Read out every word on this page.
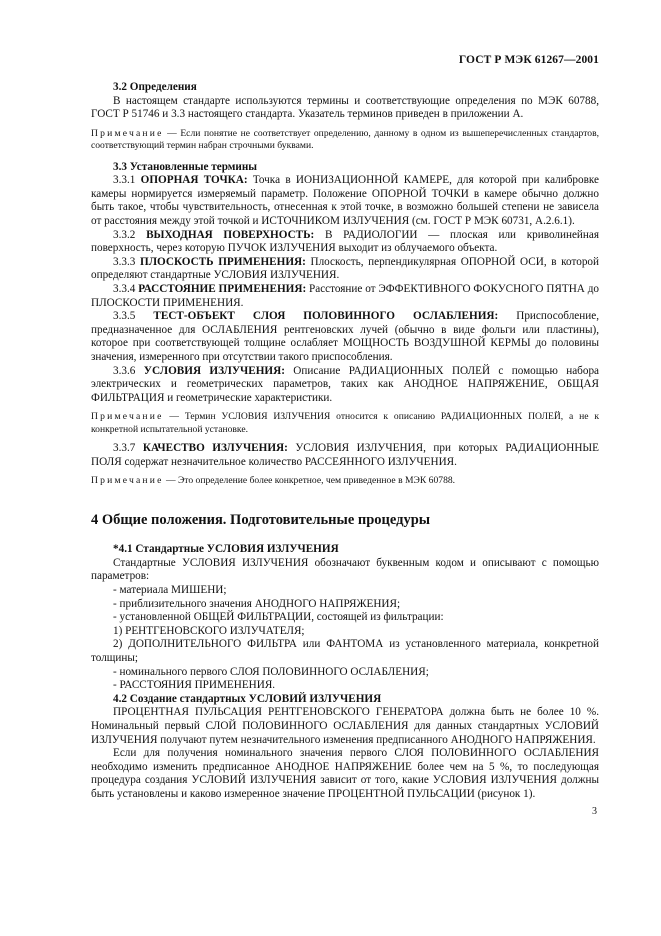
ГОСТ Р МЭК 61267—2001

3.2 Определения

В настоящем стандарте используются термины и соответствующие определения по МЭК 60788, ГОСТ Р 51746 и 3.3 настоящего стандарта. Указатель терминов приведен в приложении А.

Примечание — Если понятие не соответствует определению, данному в одном из вышеперечисленных стандартов, соответствующий термин набран строчными буквами.

3.3 Установленные термины

3.3.1 ОПОРНАЯ ТОЧКА: Точка в ИОНИЗАЦИОННОЙ КАМЕРЕ, для которой при калибровке камеры нормируется измеряемый параметр. Положение ОПОРНОЙ ТОЧКИ в камере обычно должно быть такое, чтобы чувствительность, отнесенная к этой точке, в возможно большей степени не зависела от расстояния между этой точкой и ИСТОЧНИКОМ ИЗЛУЧЕНИЯ (см. ГОСТ Р МЭК 60731, А.2.6.1).

3.3.2 ВЫХОДНАЯ ПОВЕРХНОСТЬ: В РАДИОЛОГИИ — плоская или криволинейная поверхность, через которую ПУЧОК ИЗЛУЧЕНИЯ выходит из облучаемого объекта.

3.3.3 ПЛОСКОСТЬ ПРИМЕНЕНИЯ: Плоскость, перпендикулярная ОПОРНОЙ ОСИ, в которой определяют стандартные УСЛОВИЯ ИЗЛУЧЕНИЯ.

3.3.4 РАССТОЯНИЕ ПРИМЕНЕНИЯ: Расстояние от ЭФФЕКТИВНОГО ФОКУСНОГО ПЯТНА до ПЛОСКОСТИ ПРИМЕНЕНИЯ.

3.3.5 ТЕСТ-ОБЪЕКТ СЛОЯ ПОЛОВИННОГО ОСЛАБЛЕНИЯ: Приспособление, предназначенное для ОСЛАБЛЕНИЯ рентгеновских лучей (обычно в виде фольги или пластины), которое при соответствующей толщине ослабляет МОЩНОСТЬ ВОЗДУШНОЙ КЕРМЫ до половины значения, измеренного при отсутствии такого приспособления.

3.3.6 УСЛОВИЯ ИЗЛУЧЕНИЯ: Описание РАДИАЦИОННЫХ ПОЛЕЙ с помощью набора электрических и геометрических параметров, таких как АНОДНОЕ НАПРЯЖЕНИЕ, ОБЩАЯ ФИЛЬТРАЦИЯ и геометрические характеристики.

Примечание — Термин УСЛОВИЯ ИЗЛУЧЕНИЯ относится к описанию РАДИАЦИОННЫХ ПОЛЕЙ, а не к конкретной испытательной установке.

3.3.7 КАЧЕСТВО ИЗЛУЧЕНИЯ: УСЛОВИЯ ИЗЛУЧЕНИЯ, при которых РАДИАЦИОННЫЕ ПОЛЯ содержат незначительное количество РАССЕЯННОГО ИЗЛУЧЕНИЯ.

Примечание — Это определение более конкретное, чем приведенное в МЭК 60788.

4 Общие положения. Подготовительные процедуры

*4.1 Стандартные УСЛОВИЯ ИЗЛУЧЕНИЯ

Стандартные УСЛОВИЯ ИЗЛУЧЕНИЯ обозначают буквенным кодом и описывают с помощью параметров:

- материала МИШЕНИ;

- приблизительного значения АНОДНОГО НАПРЯЖЕНИЯ;

- установленной ОБЩЕЙ ФИЛЬТРАЦИИ, состоящей из фильтрации:

1) РЕНТГЕНОВСКОГО ИЗЛУЧАТЕЛЯ;

2) ДОПОЛНИТЕЛЬНОГО ФИЛЬТРА или ФАНТОМА из установленного материала, конкретной толщины;

- номинального первого СЛОЯ ПОЛОВИННОГО ОСЛАБЛЕНИЯ;

- РАССТОЯНИЯ ПРИМЕНЕНИЯ.

4.2 Создание стандартных УСЛОВИЙ ИЗЛУЧЕНИЯ

ПРОЦЕНТНАЯ ПУЛЬСАЦИЯ РЕНТГЕНОВСКОГО ГЕНЕРАТОРА должна быть не более 10 %. Номинальный первый СЛОЙ ПОЛОВИННОГО ОСЛАБЛЕНИЯ для данных стандартных УСЛОВИЙ ИЗЛУЧЕНИЯ получают путем незначительного изменения предписанного АНОДНОГО НАПРЯЖЕНИЯ.

Если для получения номинального значения первого СЛОЯ ПОЛОВИННОГО ОСЛАБЛЕНИЯ необходимо изменить предписанное АНОДНОЕ НАПРЯЖЕНИЕ более чем на 5 %, то последующая процедура создания УСЛОВИЙ ИЗЛУЧЕНИЯ зависит от того, какие УСЛОВИЯ ИЗЛУЧЕНИЯ должны быть установлены и каково измеренное значение ПРОЦЕНТНОЙ ПУЛЬСАЦИИ (рисунок 1).

3
